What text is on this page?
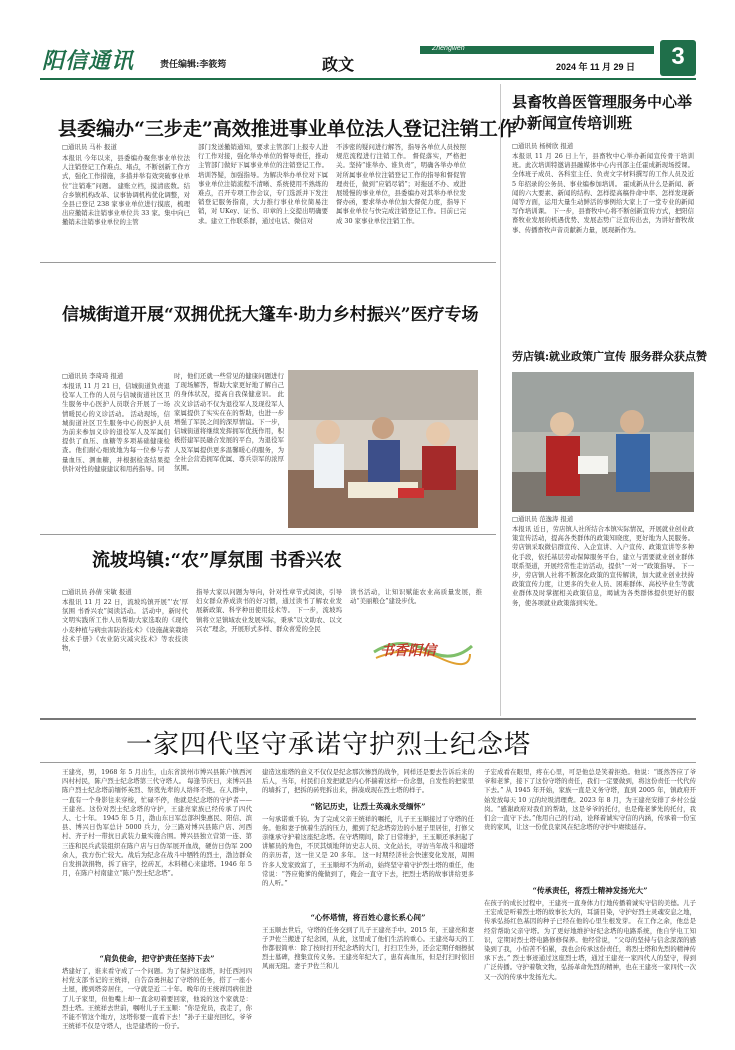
阳信通讯	责任编辑:李筱筠	政文
Zhengwen
2024 年 11 月 29 日	3
县委编办“三步走”高效推进事业单位法人登记注销工作
□通讯员 马朴 报道
本报讯 今年以来，县委编办聚焦事业单位法人注销登记工作难点、堵点，不断创新工作方式，强化工作措施，多措并举有效突破事业单位“注销难”问题。 建账立档，摸清底数。结合乡镇机构改革、议事协调机构优化调整，对全县已登记 238 家事业单位进行摸底，梳理出应撤销未注销事业单位共 33 家。集中向已撤销未注销事业单位的主管
部门发送撤销通知，要求主管部门上报专人进行工作对接，强化举办单位的督导责任，推动主管部门做好下属事业单位的注销登记工作。 培训答疑，加强指导。为解决举办单位对下属事业单位注销流程不清晰、系统使用不熟练的难点，召开专项工作会议，专门选派并下发注销登记服务指南，大力推行事业单位简易注销，对 UKey、证书、印章的上交提出明确要求。建立工作联系群，通过电话、微信对
不涉密的疑问进行解答，指导各单位人员按照规范流程进行注销工作。 督促落实，严格把关。坚持“谁举办、谁负责”，明确各举办单位对所属事业单位注销登记工作的指导和督促管理责任，做到“应销尽销”；对拖延不办、或进展缓慢的事业单位，县委编办对其举办单位发督办函，要求举办单位加大督促力度，指导下属事业单位与快完成注销登记工作。目前已完成 30 家事业单位注销工作。
县畜牧兽医管理服务中心举办新闻宣传培训班
□通讯员 杨树欣 报道
本报讯 11 月 26 日上午，县畜牧中心举办新闻宣传骨干培训班。此次培训特邀请县融媒体中心内刊部主任霍成新现场授课。全体班子成员、各科室主任、负责文字材料撰写的工作人员及近 5 年招录的公务员、事业编参加培训。 霍成新从什么是新闻、新闻的六大要素、新闻的结构、怎样提高稿件命中率、怎样发现新闻等方面，运用大量生动鲜活的事例给大家上了一堂专业的新闻写作培训课。 下一步，县畜牧中心将不断创新宣传方式，把阳信畜牧业发展的机遇优势、发展态势广泛宣传出去，为讲好畜牧故事、传播畜牧声音贡献新力量，展现新作为。
信城街道开展“双拥优抚大篷车·助力乡村振兴”医疗专场
□通讯员 李琦琦 报道
本报讯 11 月 21 日，信城街道负责退役军人工作的人员与信城街道社区卫生服务中心医护人员联合开展了一场情暖民心的义诊活动。 活动现场，信城街道社区卫生服务中心的医护人员为前来参加义诊的退役军人及军属们提供了血压、血糖等多项基础健康检查。他们耐心细致地为每一位参与者量血压、测血糖，并根据检查结果提供针对性的健康建议和用药指导。同
时，他们还就一些常见的健康问题进行了现场解答，帮助大家更好地了解自己的身体状况，提高自我保健意识。 此次义诊活动不仅为退役军人及现役军人家属提供了实实在在的帮助，也进一步增强了军民之间的深厚情谊。下一步，信城街道将继续发挥拥军优抚作用，积极搭建军民融合发展的平台，为退役军人及军属提供更多温馨暖心的服务，为全社会营造拥军优属、尊兵崇军的浓厚氛围。
劳店镇:就业政策广宣传 服务群众获点赞
□通讯员 范逸涛 报道
本报讯 近日，劳店镇人社所结合本镇实际情况，开展就业创业政策宣传活动，提高各类群体的政策知晓度，更好地为人民服务。 劳店镇采取微信群宣传、入企宣讲、入户宣传、政策宣讲等多种化手段，依托基层劳动保障服务平台，建立与需要就业创业群体联系渠道，开展经常性走访活动，提供“一对一”政策指导。 下一步，劳店镇人社将不断深化政策的宣传解读，加大就业创业扶持政策宣传力度，让更多的失业人员、困难群体、高校毕业生等就业群体及时掌握相关政策信息，竭诚为各类群体提供更好的服务，使各项就业政策落到实处。
流坡坞镇:“农”厚氛围 书香兴农
□通讯员 孙倩 宋敏 报道
本报讯 11 月 22 日，流坡坞镇开展“‘农’厚氛围 书香兴农”阅读活动。 活动中，新时代文明实践所工作人员帮助大家选取的《现代小麦种植与病虫害防治技术》《设施蔬菜栽培技术手册》《农业防灾减灾技术》等农技读物，
指导大家以问题为导向，针对性章节式阅读，引导妇女群众养成读书的好习惯，通过读书了解农业发展新政策、科学种田使用技术等。 下一步，流坡坞镇将立足镇域农业发展实际，秉承“以文助农、以文兴农”理念，开展形式多样、群众喜爱的全民
读书活动，让知识赋能农业高质量发展，推动“美丽粮仓”建设步伐。
书香阳信
一家四代坚守承诺守护烈士纪念塔
王建亮，男，1968 年 5 月出生，山东省滨州市博兴县陈户镇西河四村村民，陈户烈士纪念塔第三代守塔人。 每逢节庆日，来博兴县陈户烈士纪念塔前缅怀英烈、祭奠先辈的人络绎不绝。在人群中，一直有一个身影往来穿梭，忙碌不停，他就是纪念塔的守护者——王建亮。这份对烈士纪念塔的守护，王建亮家族已经传承了四代人、七十年。 1945 年 5 月，渤山东日军总部纠集惠民、阳信、滨县、博兴日伪军总计 5000 兵力，分三路对博兴县陈户店、河西村、齐子村一带抗日武装力量实施合围。博兴县独立营第一连、第三连和民兵武装组织在陈户店与日伪军展开血战，硬仿日伪军 200 余人，我方伤亡较大。战后为纪念在战斗中牺牲的烈士，渤边群众自发捐款捐物，拆了庙宇，挖砖瓦，木料精心来建塔。1946 年 5 月，在陈户村南建立“陈户烈士纪念塔”。
“肩负使命，把守护责任坚持下去”
塔建好了，谁来看守成了一个问题。为了保护这座塔，时任西河四村党支部书记的王统祥，自告奋勇担起了守塔的任务，搭了一座小土屋，搬到塔旁居住，一守就是近二十年。晚年的王统祥因病住进了儿子家里，但他嘴上却一直念叨着要回家，他说的这个家就是：烈士塔。王统祥去世前，嘱咐儿子王玉顺：“你是党员，我走了，你不能不管这个地方，这塔你要一直看下去！”孙子王建亮回忆，爷爷王统祥不仅是守塔人，也是建塔的一份子。
建造这座塔的意义不仅仅是纪念那次惨烈的战争，同样还是要去告诉后来的后人，当年，村民们自发把就是内心怀揣着这样一份念想，自发性的把家里的墙拆了，把拆的砖兜拆出来，拼凑成现在烈士塔的样子。
“铭记历史，让烈士英魂永受缅怀”
一句承诺重千钧。为了完成父亲王统祥的嘱托，儿子王玉顺接过了守塔的任务。他和妻子慎着生活的压力，搬到了纪念塔旁边的小屋子里居住，打修父亲继承守护着这座纪念塔。在守塔期间，除了日常维护，王玉顺还承担起了讲解员的角色，不厌其烦地拜访史志人员、文化站长，寻访当年战斗和建塔的亲历者，这一住又是 20 多年。 这一时期经济社会快速变化发展，周围许多人发家致富了，王玉顺却不为所动，始终坚守着守护烈士塔的重任，他常说：“答应俺爹的俺做到了，俺会一直守下去，把烈士塔的故事讲给更多的人听。”
“心怀塔情，将百姓心意长系心间”
王玉顺去世后，守塔的任务交到了儿子王建亮手中。2015 年，王建亮和妻子尹佐兰搬进了纪念园，从此，这里成了他们生活的重心。王建亮每天的工作都很简单：除了按时打开纪念塔的大门，打扫卫生外，还会定期仔细擦拭烈士墓碑，搜集宣传义务。王建亮年纪大了，患有高血压，但是打扫时依旧风雨无阻。妻子尹佐兰和儿
子宏成看在眼里，疼在心里，可是他总是笑着拒绝。他说：“既然答应了爷爷和老爹，接下了这份守塔的责任，我们一定要做到，将这份责任一代代传下去。” 从 1945 年开始，家族一直是义务守塔，直到 2005 年，镇政府开始发放每天 10 元的垃圾清理费。2023 年 8 月，为王建亮安排了乡村公益岗。“感谢政府对我们的帮助，这是爷爷的托付，也是俺老爹先的托付，我们会一直守下去。”他用自己的行动，诠释着诚实守信的内涵，传承着一份宝贵的家风，让这一份优良家风在纪念塔的守护中赓续延存。
“传承责任，将烈士精神发扬光大”
在孩子的成长过程中，王建亮一直身体力行地传播着诚实守信的美德。儿子王宏成是听着烈士塔的故事长大的，耳濡目染，守护好烈士灵魂安息之地，传承弘扬红色基因的种子已经在他的心里生根发芽。 在工作之余，他总是经常帮助父亲守塔。为了更好地维护好纪念塔的电路系统，他自学电工知识，定期对烈士塔电路修修保养。他经常说，“父母的坚持与信念深深的感染到了我，小怕苦不怕累，我也会传承这份责任，将烈士塔和先烈的精神传承下去。” 烈士事迹通过这座烈士塔，通过王建亮一家四代人的坚守，得到广泛传播。守护着敬文物，弘扬革命先烈的精神，也在王建亮一家四代一次又一次的传承中发扬光大。
